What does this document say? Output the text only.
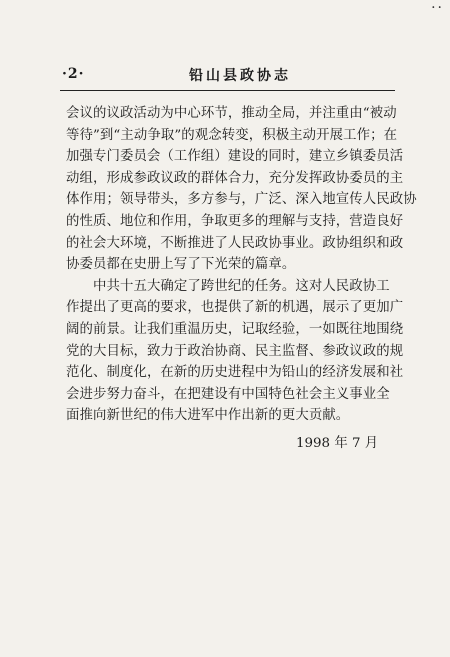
··
·2·	铅山县政协志
会议的议政活动为中心环节，推动全局，并注重由“被动
等待”到“主动争取”的观念转变，积极主动开展工作；在
加强专门委员会（工作组）建设的同时，建立乡镇委员活
动组，形成参政议政的群体合力，充分发挥政协委员的主
体作用；领导带头，多方参与，广泛、深入地宣传人民政协
的性质、地位和作用，争取更多的理解与支持，营造良好
的社会大环境，不断推进了人民政协事业。政协组织和政
协委员都在史册上写了下光荣的篇章。
　　中共十五大确定了跨世纪的任务。这对人民政协工
作提出了更高的要求，也提供了新的机遇，展示了更加广
阔的前景。让我们重温历史，记取经验，一如既往地围绕
党的大目标，致力于政治协商、民主监督、参政议政的规
范化、制度化，在新的历史进程中为铅山的经济发展和社
会进步努力奋斗，在把建设有中国特色社会主义事业全
面推向新世纪的伟大进军中作出新的更大贡献。
1998 年 7 月
